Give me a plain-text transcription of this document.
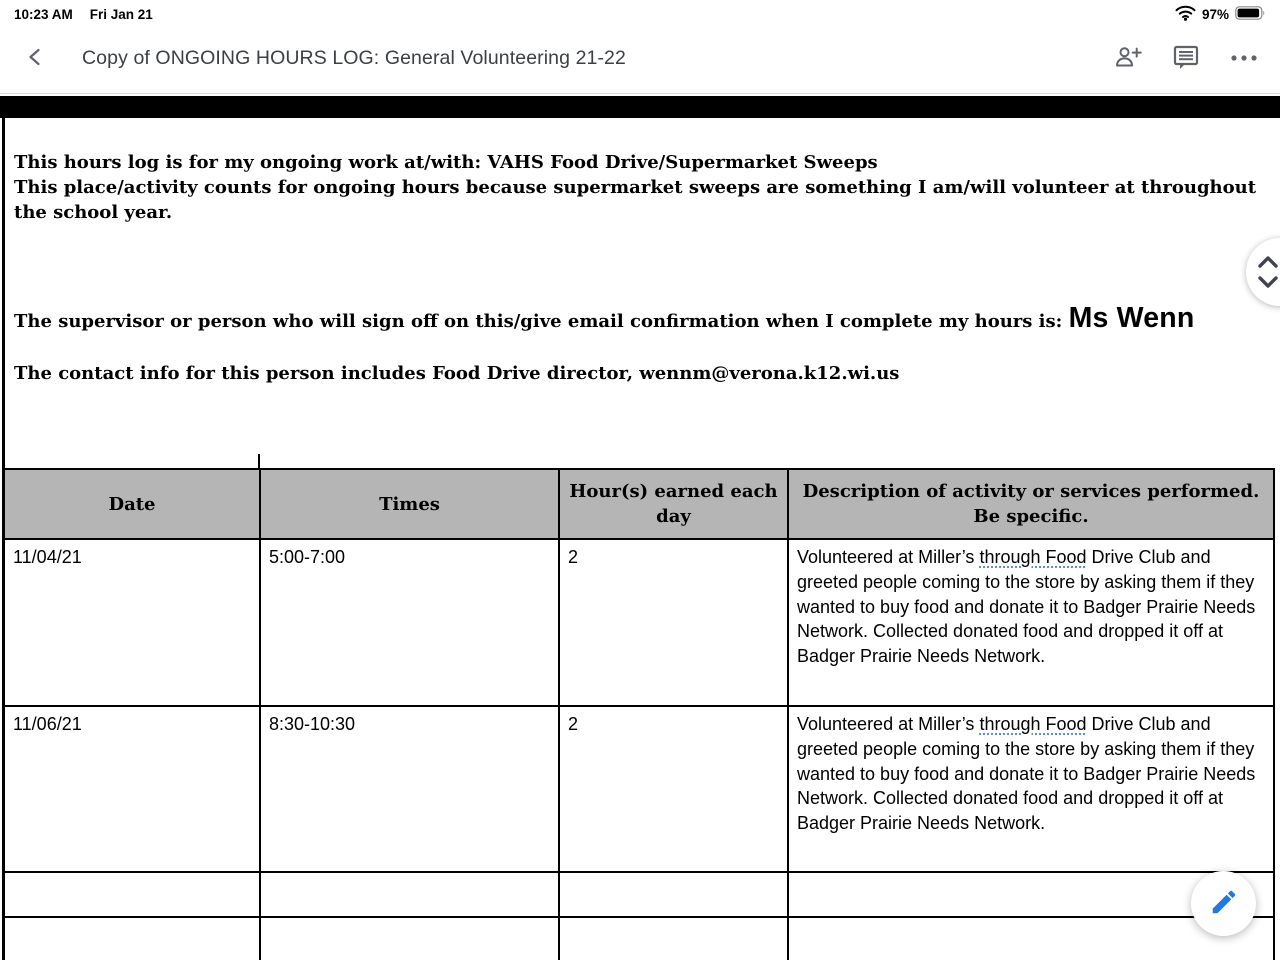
10:23 AM Fri Jan 21	97%
Copy of ONGOING HOURS LOG: General Volunteering 21-22
This hours log is for my ongoing work at/with: VAHS Food Drive/Supermarket Sweeps
This place/activity counts for ongoing hours because supermarket sweeps are something I am/will volunteer at throughout the school year.
The supervisor or person who will sign off on this/give email confirmation when I complete my hours is: Ms Wenn
The contact info for this person includes Food Drive director, wennm@verona.k12.wi.us
Date	Times	Hour(s) earned each day	Description of activity or services performed. Be specific.
11/04/21	5:00-7:00	2	Volunteered at Miller’s through Food Drive Club and greeted people coming to the store by asking them if they wanted to buy food and donate it to Badger Prairie Needs Network. Collected donated food and dropped it off at Badger Prairie Needs Network.
11/06/21	8:30-10:30	2	Volunteered at Miller’s through Food Drive Club and greeted people coming to the store by asking them if they wanted to buy food and donate it to Badger Prairie Needs Network. Collected donated food and dropped it off at Badger Prairie Needs Network.
